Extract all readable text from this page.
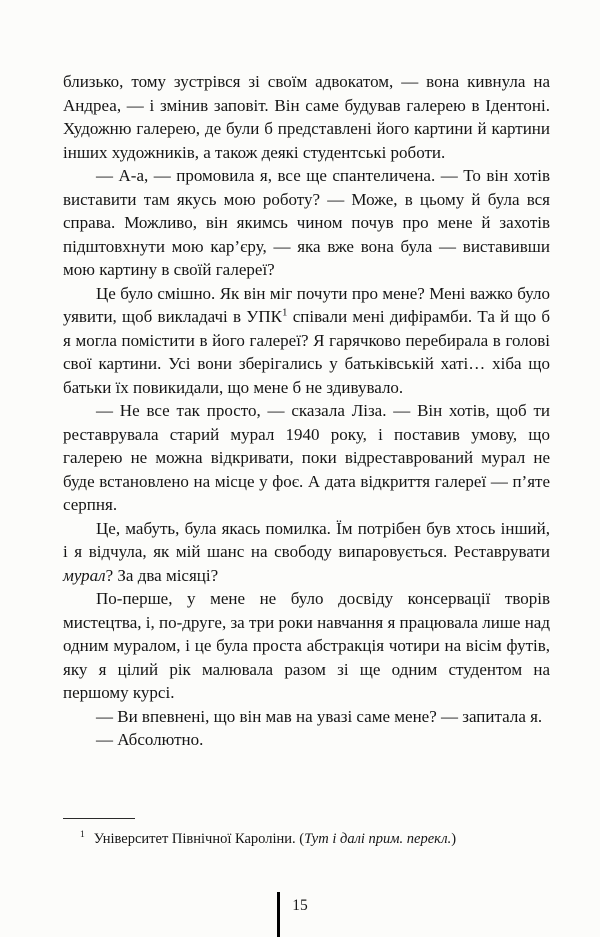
близько, тому зустрівся зі своїм адвокатом, — вона кивнула на Андреа, — і змінив заповіт. Він саме будував галерею в Ідентоні. Художню галерею, де були б представлені його картини й картини інших художників, а також деякі студентські роботи.

— А-а, — промовила я, все ще спантеличена. — То він хотів виставити там якусь мою роботу? — Може, в цьому й була вся справа. Можливо, він якимсь чином почув про мене й захотів підштовхнути мою кар’єру, — яка вже вона була — виставивши мою картину в своїй галереї?

Це було смішно. Як він міг почути про мене? Мені важко було уявити, щоб викладачі в УПК$^1$ співали мені дифірамби. Та й що б я могла помістити в його галереї? Я гарячково перебирала в голові свої картини. Усі вони зберігались у батьківській хаті… хіба що батьки їх повикидали, що мене б не здивувало.

— Не все так просто, — сказала Ліза. — Він хотів, щоб ти реставрувала старий мурал 1940 року, і поставив умову, що галерею не можна відкривати, поки відреставрований мурал не буде встановлено на місце у фоє. А дата відкриття галереї — п’яте серпня.

Це, мабуть, була якась помилка. Їм потрібен був хтось інший, і я відчула, як мій шанс на свободу випаровується. Реставрувати мурал? За два місяці?

По-перше, у мене не було досвіду консервації творів мистецтва, і, по-друге, за три роки навчання я працювала лише над одним муралом, і це була проста абстракція чотири на вісім футів, яку я цілий рік малювала разом зі ще одним студентом на першому курсі.

— Ви впевнені, що він мав на увазі саме мене? — запитала я.

— Абсолютно.

$^1$ Університет Північної Кароліни. (Тут і далі прим. перекл.)
15
